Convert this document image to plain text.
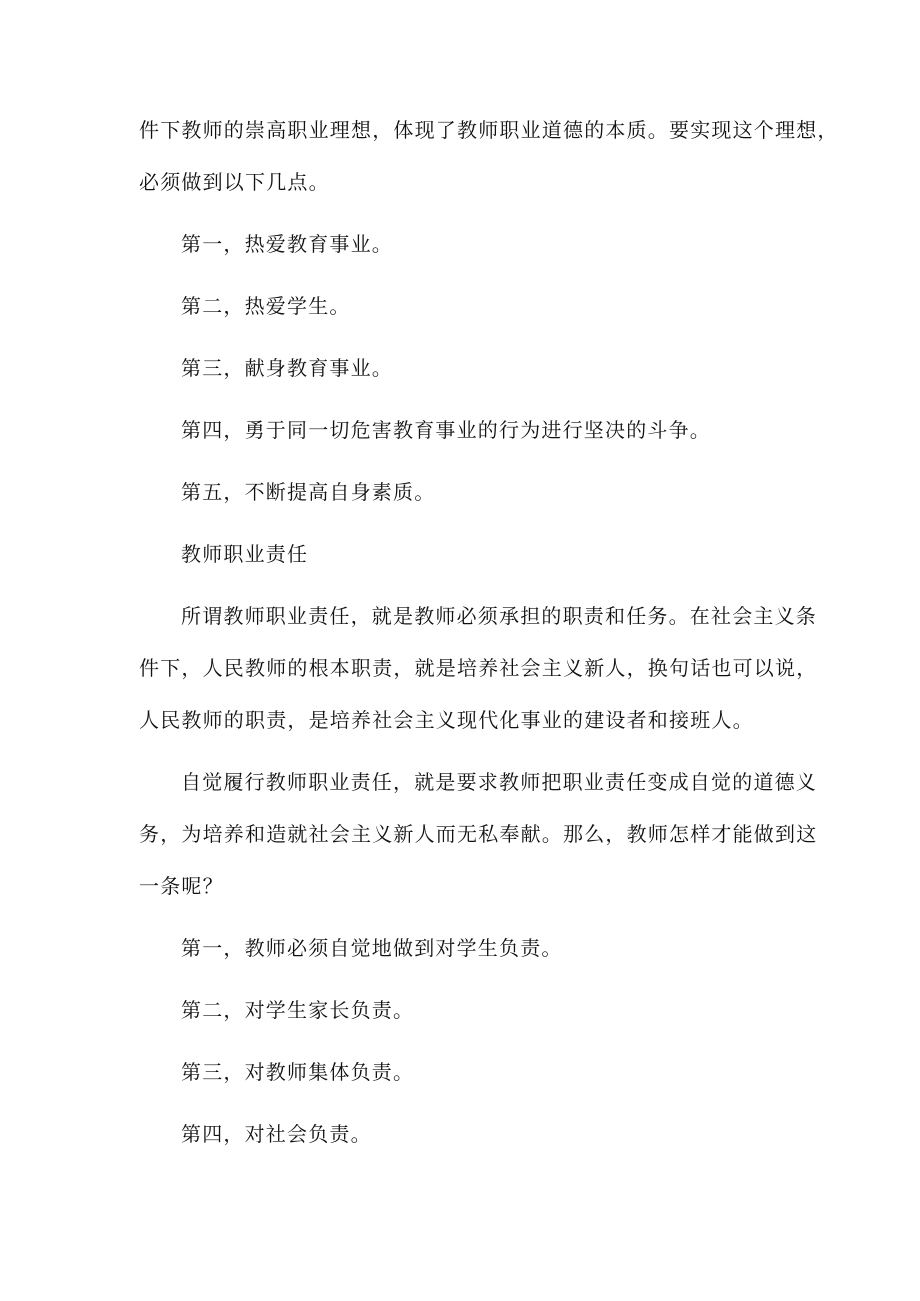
件下教师的崇高职业理想，体现了教师职业道德的本质。要实现这个理想，
必须做到以下几点。
第一，热爱教育事业。
第二，热爱学生。
第三，献身教育事业。
第四，勇于同一切危害教育事业的行为进行坚决的斗争。
第五，不断提高自身素质。
教师职业责任
所谓教师职业责任，就是教师必须承担的职责和任务。在社会主义条
件下，人民教师的根本职责，就是培养社会主义新人，换句话也可以说，
人民教师的职责，是培养社会主义现代化事业的建设者和接班人。
自觉履行教师职业责任，就是要求教师把职业责任变成自觉的道德义
务，为培养和造就社会主义新人而无私奉献。那么，教师怎样才能做到这
一条呢？
第一，教师必须自觉地做到对学生负责。
第二，对学生家长负责。
第三，对教师集体负责。
第四，对社会负责。
